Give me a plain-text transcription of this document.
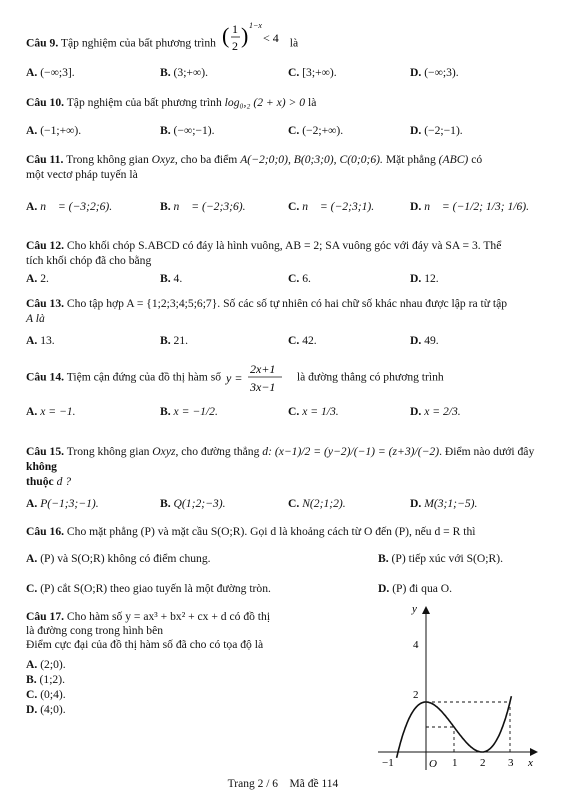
Câu 9. Tập nghiệm của bất phương trình ( 1
2 ) 1−x
< 4 là
A. (−∞;3].	B. (3;+∞).	C. [3;+∞).	D. (−∞;3).
Câu 10. Tập nghiệm của bất phương trình log₀,₂ (2 + x) > 0 là
A. (−1;+∞).	B. (−∞;−1).	C. (−2;+∞).	D. (−2;−1).
Câu 11. Trong không gian Oxyz, cho ba điểm A(−2;0;0), B(0;3;0), C(0;0;6). Mặt phẳng (ABC) có
một vectơ pháp tuyến là
A. n⃗ = (−3;2;6).	B. n⃗ = (−2;3;6).	C. n⃗ = (−2;3;1).	D. n⃗ = (−1/2; 1/3; 1/6).
Câu 12. Cho khối chóp S.ABCD có đáy là hình vuông, AB = 2; SA vuông góc với đáy và SA = 3. Thể
tích khối chóp đã cho bằng
A. 2.	B. 4.	C. 6.	D. 12.
Câu 13. Cho tập hợp A = {1;2;3;4;5;6;7}. Số các số tự nhiên có hai chữ số khác nhau được lập ra từ tập
A là
A. 13.	B. 21.	C. 42.	D. 49.
Câu 14. Tiệm cận đứng của đồ thị hàm số y =
2x+1
3x−1
là đường thẳng có phương trình
A. x = −1.	B. x = −1/2.	C. x = 1/3.	D. x = 2/3.
Câu 15. Trong không gian Oxyz, cho đường thẳng d: (x−1)/2 = (y−2)/(−1) = (z+3)/(−2). Điểm nào dưới đây không
thuộc d ?
A. P(−1;3;−1).	B. Q(1;2;−3).	C. N(2;1;2).	D. M(3;1;−5).
Câu 16. Cho mặt phẳng (P) và mặt cầu S(O;R). Gọi d là khoảng cách từ O đến (P), nếu d = R thì
A. (P) và S(O;R) không có điểm chung.	B. (P) tiếp xúc với S(O;R).
C. (P) cắt S(O;R) theo giao tuyến là một đường tròn.	D. (P) đi qua O.
Câu 17. Cho hàm số y = ax³ + bx² + cx + d có đồ thị
là đường cong trong hình bên
Điểm cực đại của đồ thị hàm số đã cho có tọa độ là
A. (2;0).
B. (1;2).
C. (0;4).
D. (4;0).
y
x
O
−1	1 2 3
2
4
Trang 2 / 6 Mã đề 114
